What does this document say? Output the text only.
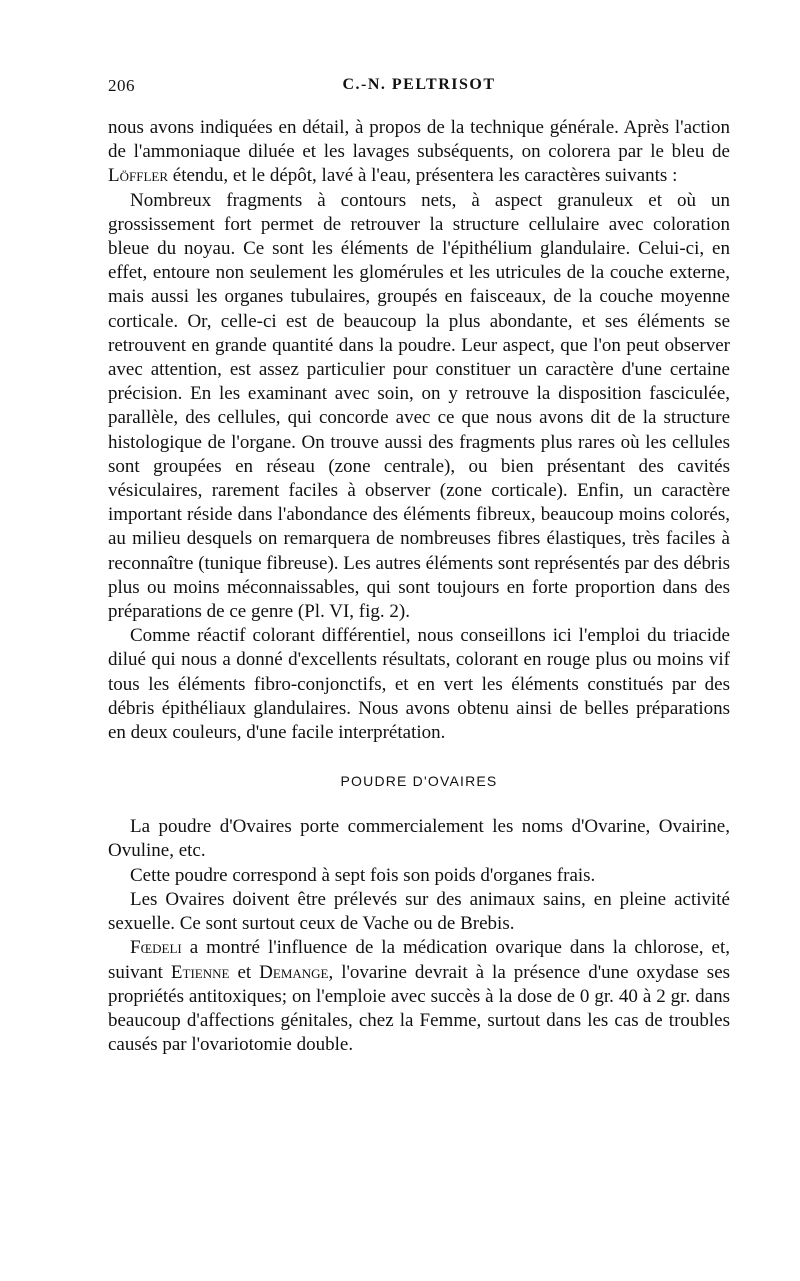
206	C.-N. PELTRISOT

nous avons indiquées en détail, à propos de la technique générale. Après l'action de l'ammoniaque diluée et les lavages subséquents, on colorera par le bleu de Löffler étendu, et le dépôt, lavé à l'eau, présentera les caractères suivants :

Nombreux fragments à contours nets, à aspect granuleux et où un grossissement fort permet de retrouver la structure cellulaire avec coloration bleue du noyau. Ce sont les éléments de l'épithélium glandulaire. Celui-ci, en effet, entoure non seulement les glomérules et les utricules de la couche externe, mais aussi les organes tubulaires, groupés en faisceaux, de la couche moyenne corticale. Or, celle-ci est de beaucoup la plus abondante, et ses éléments se retrouvent en grande quantité dans la poudre. Leur aspect, que l'on peut observer avec attention, est assez particulier pour constituer un caractère d'une certaine précision. En les examinant avec soin, on y retrouve la disposition fasciculée, parallèle, des cellules, qui concorde avec ce que nous avons dit de la structure histologique de l'organe. On trouve aussi des fragments plus rares où les cellules sont groupées en réseau (zone centrale), ou bien présentant des cavités vésiculaires, rarement faciles à observer (zone corticale). Enfin, un caractère important réside dans l'abondance des éléments fibreux, beaucoup moins colorés, au milieu desquels on remarquera de nombreuses fibres élastiques, très faciles à reconnaître (tunique fibreuse). Les autres éléments sont représentés par des débris plus ou moins méconnaissables, qui sont toujours en forte proportion dans des préparations de ce genre (Pl. VI, fig. 2).

Comme réactif colorant différentiel, nous conseillons ici l'emploi du triacide dilué qui nous a donné d'excellents résultats, colorant en rouge plus ou moins vif tous les éléments fibro-conjonctifs, et en vert les éléments constitués par des débris épithéliaux glandulaires. Nous avons obtenu ainsi de belles préparations en deux couleurs, d'une facile interprétation.

POUDRE D'OVAIRES

La poudre d'Ovaires porte commercialement les noms d'Ovarine, Ovairine, Ovuline, etc.

Cette poudre correspond à sept fois son poids d'organes frais.

Les Ovaires doivent être prélevés sur des animaux sains, en pleine activité sexuelle. Ce sont surtout ceux de Vache ou de Brebis.

Fœdeli a montré l'influence de la médication ovarique dans la chlorose, et, suivant Etienne et Demange, l'ovarine devrait à la présence d'une oxydase ses propriétés antitoxiques; on l'emploie avec succès à la dose de 0 gr. 40 à 2 gr. dans beaucoup d'affections génitales, chez la Femme, surtout dans les cas de troubles causés par l'ovariotomie double.
